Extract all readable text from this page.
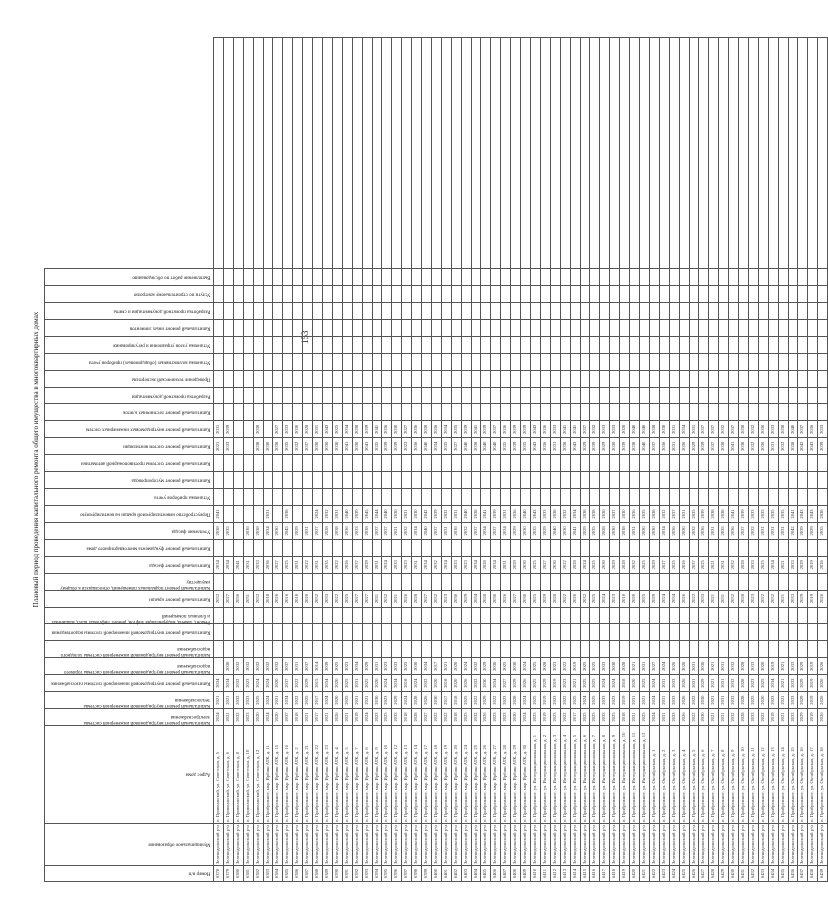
153
Плановый период проведения капитального ремонта общего имущества в многоквартирных домах
Номер п/п	Муниципальное образование	Адрес дома	Капитальный ремонт внутридомовой инженерной системы электроснабжения	Капитальный ремонт внутридомовой инженерной системы теплоснабжения	Капитальный ремонт внутридомовой инженерной системы газоснабжения	Капитальный ремонт внутридомовой инженерной системы горячего водоснабжения	Капитальный ремонт внутридомовой инженерной системы холодного водоснабжения	Капитальный ремонт внутридомовой инженерной системы водоотведения	Ремонт, замена, модернизация лифтов, ремонт лифтовых шахт, машинных и блочных помещений	Капитальный ремонт крыши	Капитальный ремонт подвальных помещений, относящихся к общему имуществу	Капитальный ремонт фасада	Капитальный ремонт фундамента многоквартирного дома	Утепление фасада	Переустройство невентилируемой крыши на вентилируемую	Установка приборов учета	Капитальный ремонт мусоропровода	Капитальный ремонт системы противопожарной автоматики	Капитальный ремонт систем вентиляции	Капитальный ремонт внутридомовых инженерных систем	Капитальный ремонт лестничных клеток	Разработка проектной документации	Проведение технической экспертизы	Установка коллективных (общедомовых) приборов учета	Установка узлов управления и регулирования	Капитальный ремонт иных элементов	Разработка проектной документации и сметы	Услуги по строительному контролю	Выполнение работ по обследованию	

6378	Зеленодольский р-н	п. Приволжский, ул. Советская, д. 5	2024	2021	2034					2033		2034		2038	2041				2021	2031										
6379	Зеленодольский р-н	п. Приволжский, ул. Советская, д. 6	2021	2021	2034	2030				2027		2034		2035					2033	2039										
6380	Зеленодольский р-н	п. Приволжский, ул. Советская, д. 8	2032	2032	2032	2032				2036		2041																		
6381	Зеленодольский р-н	п. Приволжский, ул. Советская, д. 10	2023	2023	2023	2032				2031		2031		2036																
6382	Зеленодольский р-н	п. Приволжский, ул. Советская, д. 12	2020	2025	2024	2032				2033		2033		2038					2038	2038										
6383	Зеленодольский р-н	п. Прибрежное, мкр. Ирбиш АТК, д. 11	2024	2024	2024	2032				2018		2036		2034	2031				2030											
6384	Зеленодольский р-н	п. Прибрежное, мкр. Ирбиш АТК, д. 15	2020	2021	2020	2032				2026		2027		2030					2038	2027										
6385	Зеленодольский р-н	п. Прибрежное, мкр. Ирбиш АТК, д. 16	2037	2034	2037	2037				2016		2025		2045	2038				2035	2033										
6386	Зеленодольский р-н	п. Прибрежное, мкр. Ирбиш АТК, д. 2	2018	2022	2022	2031				2018		2031		2029					2032	2030										
6387	Зеленодольский р-н	п. Прибрежное, мкр. Ирбиш АТК, д. 21	2021	2025	2029	2037				2020		2022		2031					2037	2028										
6388	Зеленодольский р-н	п. Прибрежное, мкр. Ирбиш АТК, д. 22	2017	2017	2015	2014				2032		2031		2027	2024				2030	2031										
6389	Зеленодольский р-н	п. Прибрежное, мкр. Ирбиш АТК, д. 23	2021	2024	2034	2039				2033		2035		2028	2032				2030	2043										
6390	Зеленодольский р-н	п. Прибрежное, мкр. Ирбиш АТК, д. 4	2026	2020	2020	2025				2022		2022		2038	2031				2030	2025										
6391	Зеленодольский р-н	п. Прибрежное, мкр. Ирбиш АТК, д. 5	2021	2025	2025	2023				2025		2026		2036	2040				2041	2034										
6392	Зеленодольский р-н	п. Прибрежное, мкр. Ирбиш АТК, д. 7	2019	2021	2031	2034				2027		2037		2033	2039				2030	2038										
6393	Зеленодольский р-н	п. Прибрежное, мкр. Ирбиш АТК, д. 8	2024	2021	2025	2029				2027		2029		2038	2045				2041	2039										
6394	Зеленодольский р-н	п. Прибрежное, мкр. Ирбиш АТК, д. 9	2023	2030	2020	2031				2031		2031		2037	2044				2035	2041										
6395	Зеленодольский р-н	п. Прибрежное, мкр. Ирбиш АТК, д. 10	2025	2023	2024	2023				2032		2024		2037	2040				2039	2036										
6396	Зеленодольский р-н	п. Прибрежное, мкр. Ирбиш АТК, д. 12	2033	2029	2034	2033				2021		2033		2021	2030				2039	2030										
6397	Зеленодольский р-н	п. Прибрежное, мкр. Ирбиш АТК, д. 13	2018	2024	2018	2025				2026		2023		2032	2031				2023	2027										
6398	Зеленодольский р-н	п. Прибрежное, мкр. Ирбиш АТК, д. 14	2028	2028	2024	2030				2028		2031		2034	2030				2036	2036										
6399	Зеленодольский р-н	п. Прибрежное, мкр. Ирбиш АТК, д. 17	2027	2026	2032	2034				2027		2034		2040	2042				2040	2038										
6400	Зеленодольский р-н	п. Прибрежное, мкр. Ирбиш АТК, д. 18	2022	2030	2020	2017				2032		2032		2037	2039				2034	2036										
6401	Зеленодольский р-н	п. Прибрежное, мкр. Ирбиш АТК, д. 19	2022	2017	2018	2021				2023		2024		2031	2032				2035	2034										
6402	Зеленодольский р-н	п. Прибрежное, мкр. Ирбиш АТК, д. 20	2018	2018	2020	2020				2030		2023		2036	2031				2027	2035										
6403	Зеленодольский р-н	п. Прибрежное, мкр. Ирбиш АТК, д. 24	2025	2025	2026	2024				2029		2023		2032	2040				2040	2039										
6404	Зеленодольский р-н	п. Прибрежное, мкр. Ирбиш АТК, д. 25	2032	2022	2032	2032				2034		2034		2037	2038				2038	2041										
6405	Зеленодольский р-н	п. Прибрежное, мкр. Ирбиш АТК, д. 26	2026	2029	2030	2029				2028		2028		2034	2041				2040	2039										
6406	Зеленодольский р-н	п. Прибрежное, мкр. Ирбиш АТК, д. 27	2023	2022	2034	2030				2030		2034		2037	2039				2040	2037										
6407	Зеленодольский р-н	п. Прибрежное, мкр. Ирбиш АТК, д. 28	2023	2023	2027	2025				2026		2031		2034	2031				2035	2036										
6408	Зеленодольский р-н	п. Прибрежное, мкр. Ирбиш АТК, д. 29	2030	2028	2029	2030				2027		2029		2029	2036				2039	2039										
6409	Зеленодольский р-н	п. Прибрежное, мкр. Ирбиш АТК, д. 30	2024	2024	2026	2024				2030		2030		2030	2040				2035	2039										
6410	Зеленодольский р-н	п. Прибрежное, ул. Интернациональная, д. 1	2025	2025	2025	2025				2025		2025		2035	2043				2043	2043										
6411	Зеленодольский р-н	п. Прибрежное, ул. Интернациональная, д. 2	2019	2019	2029	2028				2029		2027		2029	2033				2036	2036										
6412	Зеленодольский р-н	п. Прибрежное, ул. Интернациональная, д. 3	2023	2023	2019	2023				2028		2030		2040	2038				2031	2033										
6413	Зеленодольский р-н	п. Прибрежное, ул. Интернациональная, д. 4	2022	2022	2023	2022				2022		2022		2030	2032				2038	2041										
6414	Зеленодольский р-н	п. Прибрежное, ул. Интернациональная, д. 5	2017	2025	2021	2019				2020		2028		2041	2034				2043	2041										
6415	Зеленодольский р-н	п. Прибрежное, ул. Интернациональная, д. 6	2025	2024	2025	2025				2032		2024		2029	2038				2029	2037										
6416	Зеленодольский р-н	п. Прибрежное, ул. Интернациональная, д. 7	2025	2025	2025	2025				2025		2025		2035	2038				2039	2032										
6417	Зеленодольский р-н	п. Прибрежное, ул. Интернациональная, д. 8	2033	2033	2024	2033				2024		2030		2028	2030				2029	2033										
6418	Зеленодольский р-н	п. Прибрежное, ул. Интернациональная, д. 9	2025	2023	2024	2030				2023		2029		2030	2037				2030	2033										
6419	Зеленодольский р-н	п. Прибрежное, ул. Интернациональная, д. 10	2018	2019	2018	2028				2018		2028		2038	2030				2039	2028										
6420	Зеленодольский р-н	п. Прибрежное, ул. Интернациональная, д. 11	2031	2031	2020	2021				2020		2032		2031	2036				2038	2040										
6421	Зеленодольский р-н	п. Прибрежное, ул. Интернациональная, д. 12	2025	2021	2025	2031				2025		2025		2030	2035				2040	2040										
6422	Зеленодольский р-н	п. Прибрежное, ул. Октябрьская, д. 1	2024	2024	2024	2027				2029		2029		2030	2038				2037	2038										
6423	Зеленодольский р-н	п. Прибрежное, ул. Октябрьская, д. 2	2031	2031	2031	2024				2024		2027		2034	2032				2036	2038										
6424	Зеленодольский р-н	п. Прибрежное, ул. Октябрьская, д. 3	2033	2033	2033	2026				2034		2025		2036	2037				2031	2031										
6425	Зеленодольский р-н	п. Прибрежное, ул. Октябрьская, д. 4	2026	2026	2026	2026				2026		2026		2030	2031				2036	2034										
6426	Зеленодольский р-н	п. Прибрежное, ул. Октябрьская, д. 5	2022	2022	2031	2031				2022		2037		2032	2035				2029	2031										
6427	Зеленодольский р-н	п. Прибрежное, ул. Октябрьская, д. 6	2030	2030	2029	2030				2033		2025		2036	2039				2039	2037										
6428	Зеленодольский р-н	п. Прибрежное, ул. Октябрьская, д. 7	2021	2021	2021	2021				2021		2021		2031	2038				2037	2037										
6429	Зеленодольский р-н	п. Прибрежное, ул. Октябрьская, д. 8	2031	2031	2031	2031				2031		2031		2035	2038				2038	2032										
6430	Зеленодольский р-н	п. Прибрежное, ул. Октябрьская, д. 9	2032	2032	2032	2032				2032		2032		2036	2041				2041	2037										
6431	Зеленодольский р-н	п. Прибрежное, ул. Октябрьская, д. 10	2028	2028	2028	2028				2028		2028		2037	2039				2038	2038										
6432	Зеленодольский р-н	п. Прибрежное, ул. Октябрьская, д. 11	2033	2025	2023	2033				2023		2033		2032	2033				2032	2032										
6433	Зеленодольский р-н	п. Прибрежное, ул. Октябрьская, д. 12	2022	2020	2025	2020				2022		2025		2031	2035				2036	2036										
6434	Зеленодольский р-н	п. Прибрежное, ул. Октябрьская, д. 13	2019	2023	2034	2019				2032		2034		2031	2035				2031	2033										
6435	Зеленодольский р-н	п. Прибрежное, ул. Октябрьская, д. 14	2021	2021	2021	2021				2021		2021		2031	2035				2032	2038										
6436	Зеленодольский р-н	п. Прибрежное, ул. Октябрьская, д. 15	2033	2033	2033	2033				2033		2033		2042	2041				2038	2040										
6437	Зеленодольский р-н	п. Прибрежное, ул. Октябрьская, д. 16	2029	2029	2029	2029				2029		2029		2039	2043				2042	2037										
6438	Зеленодольский р-н	п. Прибрежное, ул. Октябрьская, д. 17	2019	2019	2019	2019				2019		2019		2029	2043				2043	2036										
6439	Зеленодольский р-н	п. Прибрежное, ул. Октябрьская, д. 18	2026	2026	2026	2026				2026		2026		2035	2038				2039	2033										
